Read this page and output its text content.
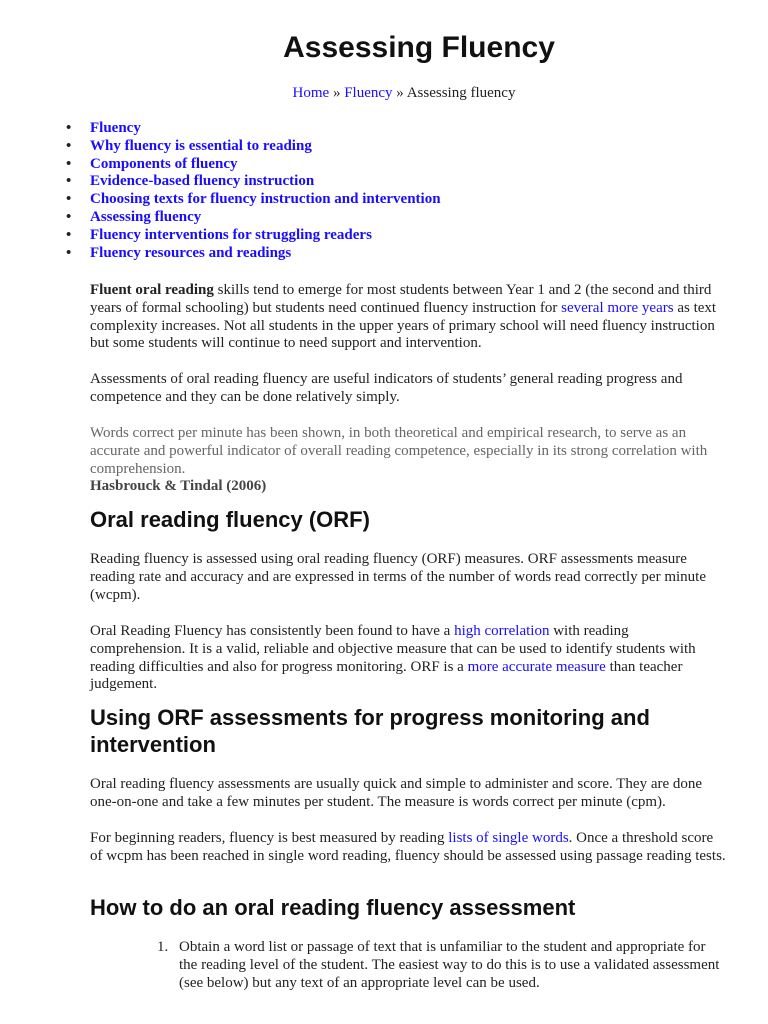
Assessing Fluency
Home » Fluency » Assessing fluency
• Fluency
• Why fluency is essential to reading
• Components of fluency
• Evidence-based fluency instruction
• Choosing texts for fluency instruction and intervention
• Assessing fluency
• Fluency interventions for struggling readers
• Fluency resources and readings

Fluent oral reading skills tend to emerge for most students between Year 1 and 2 (the second and third years of formal schooling) but students need continued fluency instruction for several more years as text complexity increases. Not all students in the upper years of primary school will need fluency instruction but some students will continue to need support and intervention.

Assessments of oral reading fluency are useful indicators of students’ general reading progress and competence and they can be done relatively simply.

Words correct per minute has been shown, in both theoretical and empirical research, to serve as an accurate and powerful indicator of overall reading competence, especially in its strong correlation with comprehension.

Hasbrouck & Tindal (2006)

Oral reading fluency (ORF)

Reading fluency is assessed using oral reading fluency (ORF) measures. ORF assessments measure reading rate and accuracy and are expressed in terms of the number of words read correctly per minute (wcpm).

Oral Reading Fluency has consistently been found to have a high correlation with reading comprehension. It is a valid, reliable and objective measure that can be used to identify students with reading difficulties and also for progress monitoring. ORF is a more accurate measure than teacher judgement.

Using ORF assessments for progress monitoring and intervention

Oral reading fluency assessments are usually quick and simple to administer and score. They are done one-on-one and take a few minutes per student. The measure is words correct per minute (cpm).

For beginning readers, fluency is best measured by reading lists of single words. Once a threshold score of wcpm has been reached in single word reading, fluency should be assessed using passage reading tests.

How to do an oral reading fluency assessment
1. Obtain a word list or passage of text that is unfamiliar to the student and appropriate for the reading level of the student. The easiest way to do this is to use a validated assessment (see below) but any text of an appropriate level can be used.
